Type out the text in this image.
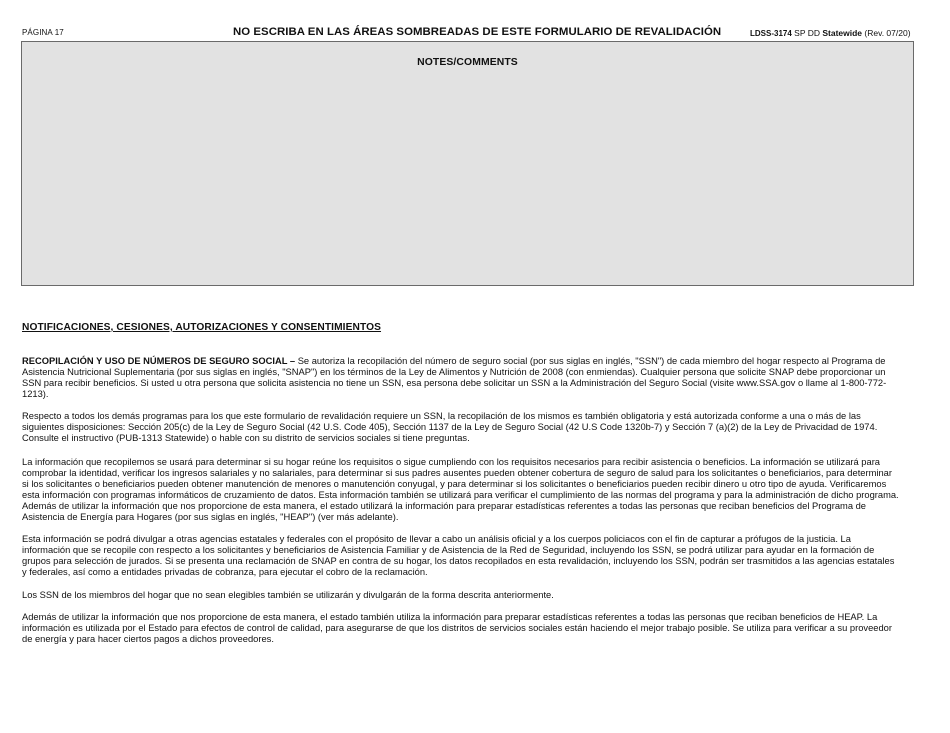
PÁGINA 17	NO ESCRIBA EN LAS ÁREAS SOMBREADAS DE ESTE FORMULARIO DE REVALIDACIÓN	LDSS-3174 SP DD Statewide (Rev. 07/20)
NOTES/COMMENTS
NOTIFICACIONES, CESIONES, AUTORIZACIONES Y CONSENTIMIENTOS

RECOPILACIÓN Y USO DE NÚMEROS DE SEGURO SOCIAL – Se autoriza la recopilación del número de seguro social (por sus siglas en inglés, "SSN") de cada miembro del hogar respecto al Programa de Asistencia Nutricional Suplementaria (por sus siglas en inglés, "SNAP") en los términos de la Ley de Alimentos y Nutrición de 2008 (con enmiendas). Cualquier persona que solicite SNAP debe proporcionar un SSN para recibir beneficios. Si usted u otra persona que solicita asistencia no tiene un SSN, esa persona debe solicitar un SSN a la Administración del Seguro Social (visite www.SSA.gov o llame al 1-800-772-1213).

Respecto a todos los demás programas para los que este formulario de revalidación requiere un SSN, la recopilación de los mismos es también obligatoria y está autorizada conforme a una o más de las siguientes disposiciones: Sección 205(c) de la Ley de Seguro Social (42 U.S. Code 405), Sección 1137 de la Ley de Seguro Social (42 U.S Code 1320b-7) y Sección 7 (a)(2) de la Ley de Privacidad de 1974. Consulte el instructivo (PUB-1313 Statewide) o hable con su distrito de servicios sociales si tiene preguntas.

La información que recopilemos se usará para determinar si su hogar reúne los requisitos o sigue cumpliendo con los requisitos necesarios para recibir asistencia o beneficios. La información se utilizará para comprobar la identidad, verificar los ingresos salariales y no salariales, para determinar si sus padres ausentes pueden obtener cobertura de seguro de salud para los solicitantes o beneficiarios, para determinar si los solicitantes o beneficiarios pueden obtener manutención de menores o manutención conyugal, y para determinar si los solicitantes o beneficiarios pueden recibir dinero u otro tipo de ayuda. Verificaremos esta información con programas informáticos de cruzamiento de datos. Esta información también se utilizará para verificar el cumplimiento de las normas del programa y para la administración de dicho programa. Además de utilizar la información que nos proporcione de esta manera, el estado utilizará la información para preparar estadísticas referentes a todas las personas que reciban beneficios del Programa de Asistencia de Energía para Hogares (por sus siglas en inglés, "HEAP") (ver más adelante).

Esta información se podrá divulgar a otras agencias estatales y federales con el propósito de llevar a cabo un análisis oficial y a los cuerpos policiacos con el fin de capturar a prófugos de la justicia. La información que se recopile con respecto a los solicitantes y beneficiarios de Asistencia Familiar y de Asistencia de la Red de Seguridad, incluyendo los SSN, se podrá utilizar para ayudar en la formación de grupos para selección de jurados. Si se presenta una reclamación de SNAP en contra de su hogar, los datos recopilados en esta revalidación, incluyendo los SSN, podrán ser trasmitidos a las agencias estatales y federales, así como a entidades privadas de cobranza, para ejecutar el cobro de la reclamación.

Los SSN de los miembros del hogar que no sean elegibles también se utilizarán y divulgarán de la forma descrita anteriormente.

Además de utilizar la información que nos proporcione de esta manera, el estado también utiliza la información para preparar estadísticas referentes a todas las personas que reciban beneficios de HEAP. La información es utilizada por el Estado para efectos de control de calidad, para asegurarse de que los distritos de servicios sociales están haciendo el mejor trabajo posible. Se utiliza para verificar a su proveedor de energía y para hacer ciertos pagos a dichos proveedores.
